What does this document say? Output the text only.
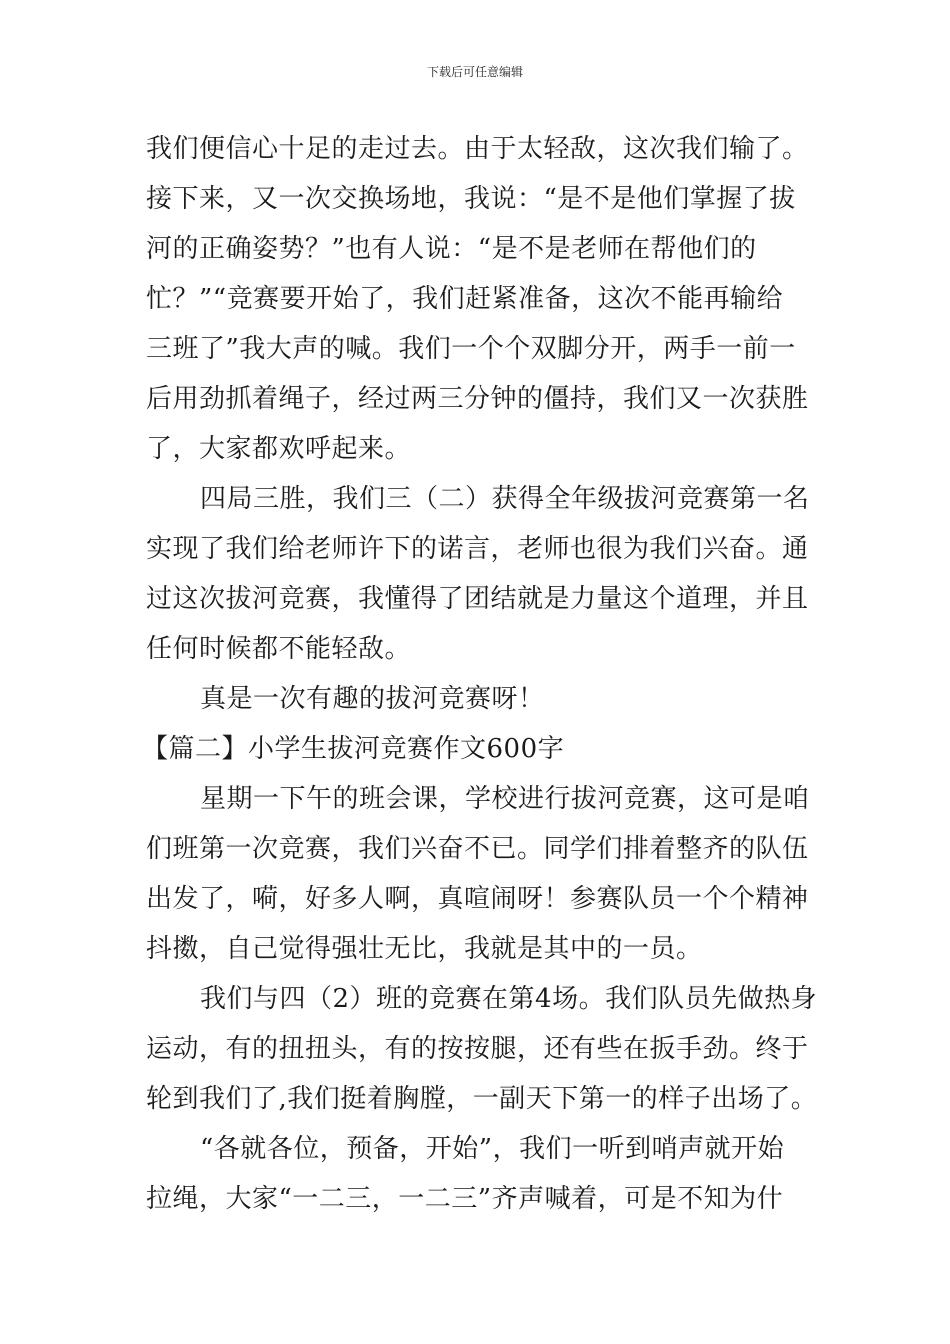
下载后可任意编辑
我们便信心十足的走过去。由于太轻敌，这次我们输了。
接下来，又一次交换场地，我说：“是不是他们掌握了拔
河的正确姿势？”也有人说：“是不是老师在帮他们的
忙？”“竞赛要开始了，我们赶紧准备，这次不能再输给
三班了”我大声的喊。我们一个个双脚分开，两手一前一
后用劲抓着绳子，经过两三分钟的僵持，我们又一次获胜
了，大家都欢呼起来。
四局三胜，我们三（二）获得全年级拔河竞赛第一名
实现了我们给老师许下的诺言，老师也很为我们兴奋。通
过这次拔河竞赛，我懂得了团结就是力量这个道理，并且
任何时候都不能轻敌。
真是一次有趣的拔河竞赛呀！
【篇二】小学生拔河竞赛作文600字
星期一下午的班会课，学校进行拔河竞赛，这可是咱
们班第一次竞赛，我们兴奋不已。同学们排着整齐的队伍
出发了，嗬，好多人啊，真喧闹呀！参赛队员一个个精神
抖擞，自己觉得强壮无比，我就是其中的一员。
我们与四（2）班的竞赛在第4场。我们队员先做热身
运动，有的扭扭头，有的按按腿，还有些在扳手劲。终于
轮到我们了,我们挺着胸膛，一副天下第一的样子出场了。
“各就各位，预备，开始”，我们一听到哨声就开始
拉绳，大家“一二三，一二三”齐声喊着，可是不知为什
